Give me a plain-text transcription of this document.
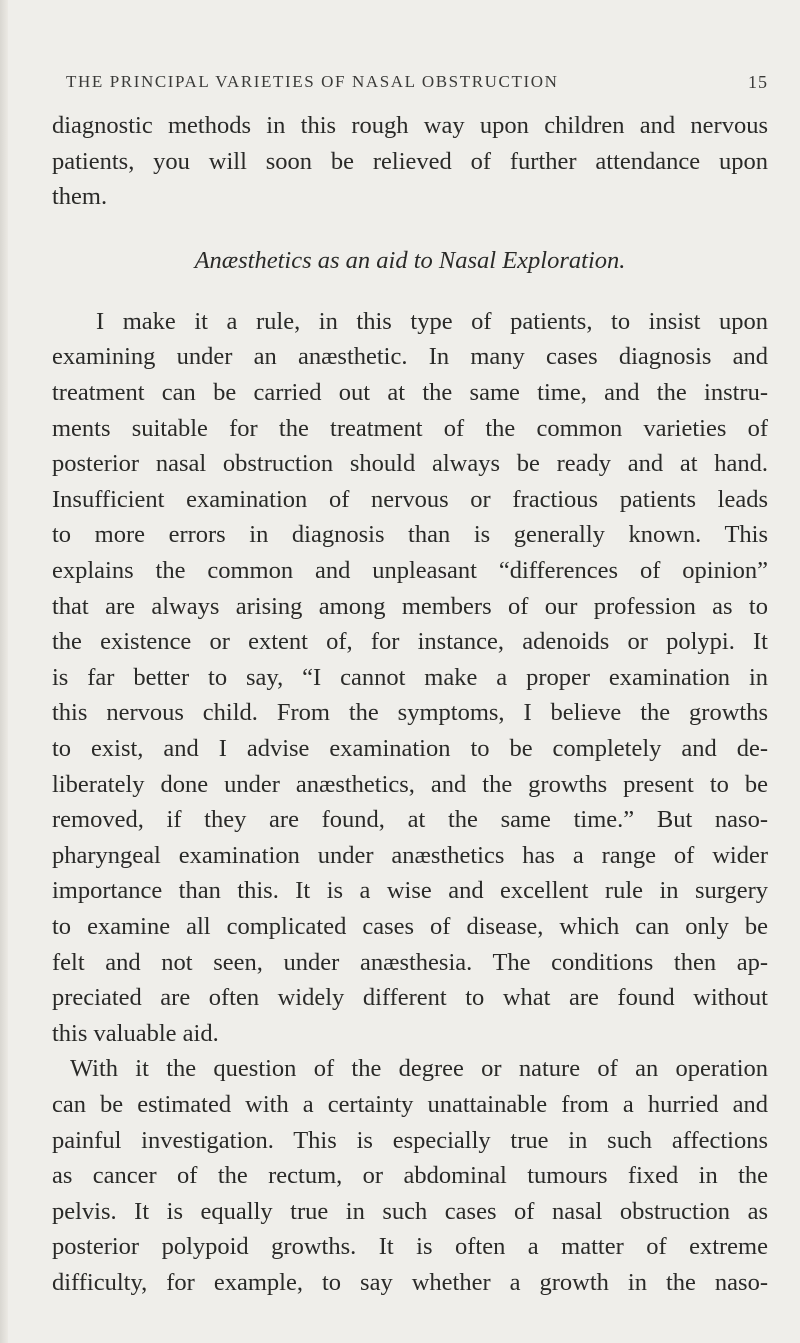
THE PRINCIPAL VARIETIES OF NASAL OBSTRUCTION	15
diagnostic methods in this rough way upon children and nervous
patients, you will soon be relieved of further attendance upon
them.
Anæsthetics as an aid to Nasal Exploration.
I make it a rule, in this type of patients, to insist upon
examining under an anæsthetic. In many cases diagnosis and
treatment can be carried out at the same time, and the instru-
ments suitable for the treatment of the common varieties of
posterior nasal obstruction should always be ready and at hand.
Insufficient examination of nervous or fractious patients leads
to more errors in diagnosis than is generally known. This
explains the common and unpleasant “differences of opinion”
that are always arising among members of our profession as to
the existence or extent of, for instance, adenoids or polypi. It
is far better to say, “I cannot make a proper examination in
this nervous child. From the symptoms, I believe the growths
to exist, and I advise examination to be completely and de-
liberately done under anæsthetics, and the growths present to be
removed, if they are found, at the same time.” But naso-
pharyngeal examination under anæsthetics has a range of wider
importance than this. It is a wise and excellent rule in surgery
to examine all complicated cases of disease, which can only be
felt and not seen, under anæsthesia. The conditions then ap-
preciated are often widely different to what are found without
this valuable aid.
With it the question of the degree or nature of an operation
can be estimated with a certainty unattainable from a hurried and
painful investigation. This is especially true in such affections
as cancer of the rectum, or abdominal tumours fixed in the
pelvis. It is equally true in such cases of nasal obstruction as
posterior polypoid growths. It is often a matter of extreme
difficulty, for example, to say whether a growth in the naso-
